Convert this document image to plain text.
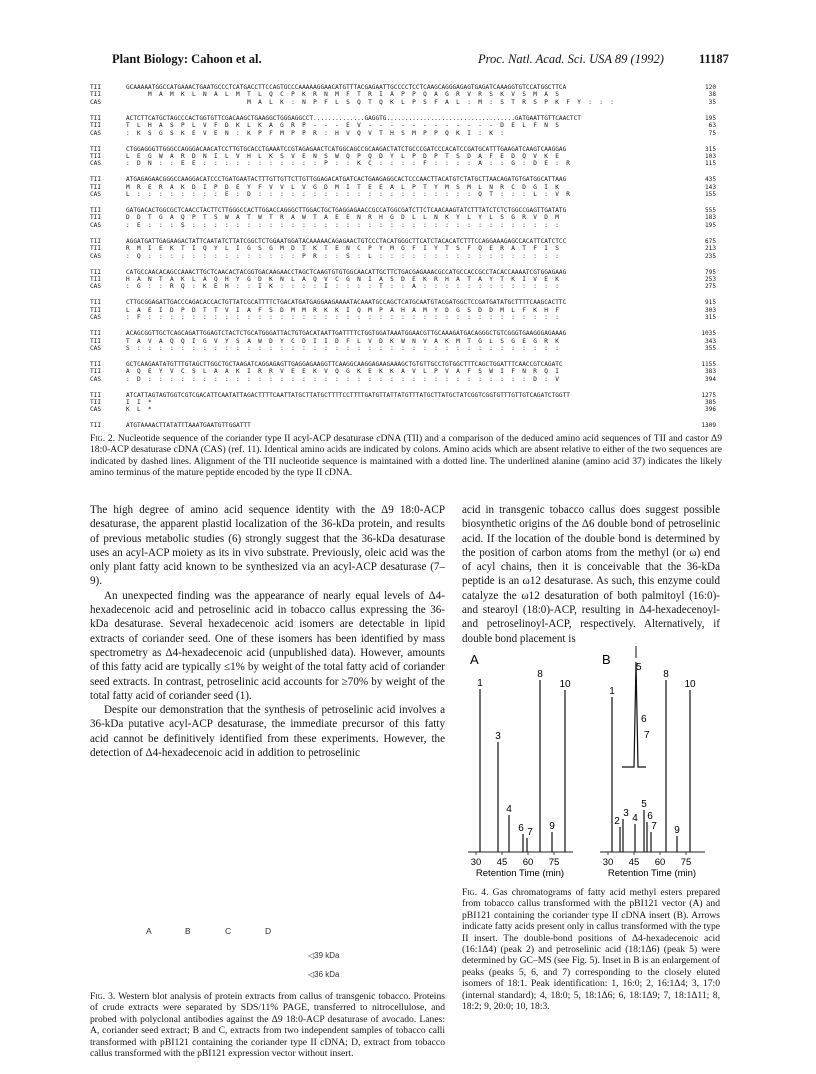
Plant Biology: Cahoon et al.	Proc. Natl. Acad. Sci. USA 89 (1992)	11187
TII	GCAAAAATGGCCATGAAACTGAATGCCCTCATGACCTTCCAGTGCCCAAAAAGGAACATGTTTACGAGAATTGCCCCTCCTCAAGCAGGGAGAGTGAGATCAAAGGTGTCCATGGCTTCA	120
TII	M  A  M  K  L  N  A  L  M  T  L  Q  C  P  K  R  N  M  F  T  R  I  A  P  P  Q  A  G  R  V  R  S  K  V  S  M  A  S	38
CAS	M  A  L  K  :  N  P  F  L  S  Q  T  Q  K  L  P  S  F  A  L  :  M  :  S  T  R  S  P  K  F  Y  :  :  :	35
TII	ACTCTTCATGCTAGCCCACTGGTGTTCGACAAGCTGAAGGCTGGGAGGCCT..............GAGGTG...................................GATGAATTGTTCAACTCT	195
TII	T  L  H  A  S  P  L  V  F  D  K  L  K  A  G  R  P  -  -  -  E  V  -  -  -  -  -  -  -  -  -  -  -  -  D  E  L  F  N  S	63
CAS	:  K  S  G  S  K  E  V  E  N  :  K  P  F  M  P  P  R  :  H  V  Q  V  T  H  S  M  P  P  Q  K  I  :  K  :	75
TII	CTGGAGGGTTGGGCCAGGGACAACATCCTTGTGCACCTGAAATCCGTAGAGAACTCATGGCAGCCGCAAGACTATCTGCCCGATCCCACATCCGATGCATTTGAAGATCAAGTCAAGGAG	315
TII	L  E  G  W  A  R  D  N  I  L  V  H  L  K  S  V  E  N  S  W  Q  P  Q  D  Y  L  P  D  P  T  S  D  A  F  E  D  Q  V  K  E	103
CAS	:  D  N  :  :  E  E  :  :  :  :  :  :  :  :  :  :  :  P  :  :  K  C  :  :  :  :  F  :  :  :  :  A  :  :  G  :  D  E  :  R	115
TII	ATGAGAGAACGGGCCAAGGACATCCCTGATGAATACTTTGTTGTTCTTGTTGGAGACATGATCACTGAAGAGGCACTCCCAACTTACATGTCTATGCTTAACAGATGTGATGGCATTAAG	435
TII	M  R  E  R  A  K  D  I  P  D  E  Y  F  V  V  L  V  G  D  M  I  T  E  E  A  L  P  T  Y  M  S  M  L  N  R  C  D  G  I  K	143
CAS	L  :  :  :  :  :  :  :  :  E  :  D  :  :  :  :  :  :  :  :  :  :  :  :  :  :  :  :  :  :  :  :  Q  T  :  :  :  L  :  V  R	155
TII	GATGACACTGGCGCTCAACCTACTTCTTGGGCCACTTGGACCAGGGCTTGGACTGCTGAGGAGAACCGCCATGGCGATCTTCTCAACAAGTATCTTTATCTCTCTGGCCGAGTTGATATG	555
TII	D  D  T  G  A  Q  P  T  S  W  A  T  W  T  R  A  W  T  A  E  E  N  R  H  G  D  L  L  N  K  Y  L  Y  L  S  G  R  V  D  M	183
CAS	:  E  :  :  :  S  :  :  :  :  :  :  :  :  :  :  :  :  :  :  :  :  :  :  :  :  :  :  :  :  :  :  :  :  :  :  :  :  :  :	195
TII	AGGATGATTGAGAAGACTATTCAATATCTTATCGGCTCTGGAATGGATACAAAAACAGAGAACTGTCCCTACATGGGCTTCATCTACACATCTTTCCAGGAAAGAGCCACATTCATCTCC	675
TII	R  M  I  E  K  T  I  Q  Y  L  I  G  S  G  M  D  T  K  T  E  N  C  P  Y  M  G  F  I  Y  T  S  F  Q  E  R  A  T  F  I  S	213
CAS	:  Q  :  :  :  :  :  :  :  :  :  :  :  :  :  :  P  R  :  :  S  :  L  :  :  :  :  :  :  :  :  :  :  :  :  :  :  :  :  :	235
TII	CATGCCAACACAGCCAAACTTGCTCAACACTACGGTGACAAGAACCTAGCTCAAGTGTGTGGCAACATTGCTTCTGACGAGAAACGCCATGCCACCGCCTACACCAAAATCGTGGAGAAG	795
TII	H  A  N  T  A  K  L  A  Q  H  Y  G  D  K  N  L  A  Q  V  C  G  N  I  A  S  D  E  K  R  H  A  T  A  Y  T  K  I  V  E  K	253
CAS	:  G  :  :  R  Q  :  K  E  H  :  :  I  K  :  :  :  :  I  :  :  :  :  T  :  :  A  :  :  :  :  :  :  :  :  :  :  :  :  :	275
TII	CTTGCGGAGATTGACCCAGACACCACTGTTATCGCATTTTCTGACATGATGAGGAAGAAAATACAAATGCCAGCTCATGCAATGTACGATGGCTCCGATGATATGCTTTTCAAGCACTTC	915
TII	L  A  E  I  D  P  D  T  T  V  I  A  F  S  D  M  M  R  K  K  I  Q  M  P  A  H  A  M  Y  D  G  S  D  D  M  L  F  K  H  F	303
CAS	:  F  :  :  :  :  :  :  :  :  :  :  :  :  :  :  :  :  :  :  :  :  :  :  :  :  :  :  :  :  :  :  :  :  :  :  :  :  :  :	315
TII	ACAGCGGTTGCTCAGCAGATTGGAGTCTACTCTGCATGGGATTACTGTGACATAATTGATTTTCTGGTGGATAAATGGAACGTTGCAAAGATGACAGGGCTGTCGGGTGAAGGGAGAAAG	1035
TII	T  A  V  A  Q  Q  I  G  V  Y  S  A  W  D  Y  C  D  I  I  D  F  L  V  D  K  W  N  V  A  K  M  T  G  L  S  G  E  G  R  K	343
CAS	S  :  :  :  :  :  :  :  :  :  :  :  :  :  :  :  :  :  :  :  :  :  :  :  :  :  :  :  :  :  :  :  :  :  :  :  :  :  :  :	355
TII	GCTCAAGAATATGTTTGTAGCTTGGCTGCTAAGATCAGGAGAGTTGAGGAGAAGGTTCAAGGCAAGGAGAAGAAAGCTGTGTTGCCTGTGGCTTTCAGCTGGATTTCAACCGTCAGATC	1155
TII	A  Q  E  Y  V  C  S  L  A  A  K  I  R  R  V  E  E  K  V  Q  G  K  E  K  K  A  V  L  P  V  A  F  S  W  I  F  N  R  Q  I	383
CAS	:  D  :  :  :  :  :  :  :  :  :  :  :  :  :  :  :  :  :  :  :  :  :  :  :  :  :  :  :  :  :  :  :  :  :  :  :  D  :  V	394
TII	ATCATTAGTAGTGGTCGTCGACATTCAATATTAGACTTTTCAATTATGCTTATGCTTTTCCTTTTGATGTTATTATGTTTATGCTTATGCTATCGGTCGGTGTTTGTTGTCAGATCTGGTT	1275
TII	I  I  *	385
CAS	K  L  *	396
TII	ATGTAAAACTTATATTTAAATGAATGTTGGATTT	1309

Fig. 2. Nucleotide sequence of the coriander type II acyl-ACP desaturase cDNA (TII) and a comparison of the deduced amino acid sequences of TII and castor Δ9 18:0-ACP desaturase cDNA (CAS) (ref. 11). Identical amino acids are indicated by colons. Amino acids which are absent relative to either of the two sequences are indicated by dashed lines. Alignment of the TII nucleotide sequence is maintained with a dotted line. The underlined alanine (amino acid 37) indicates the likely amino terminus of the mature peptide encoded by the type II cDNA.

The high degree of amino acid sequence identity with the Δ9 18:0-ACP desaturase, the apparent plastid localization of the 36-kDa protein, and results of previous metabolic studies (6) strongly suggest that the 36-kDa desaturase uses an acyl-ACP moiety as its in vivo substrate. Previously, oleic acid was the only plant fatty acid known to be synthesized via an acyl-ACP desaturase (7–9).

An unexpected finding was the appearance of nearly equal levels of Δ4-hexadecenoic acid and petroselinic acid in tobacco callus expressing the 36-kDa desaturase. Several hexadecenoic acid isomers are detectable in lipid extracts of coriander seed. One of these isomers has been identified by mass spectrometry as Δ4-hexadecenoic acid (unpublished data). However, amounts of this fatty acid are typically ≤1% by weight of the total fatty acid of coriander seed extracts. In contrast, petroselinic acid accounts for ≥70% by weight of the total fatty acid of coriander seed (1).

Despite our demonstration that the synthesis of petroselinic acid involves a 36-kDa putative acyl-ACP desaturase, the immediate precursor of this fatty acid cannot be definitively identified from these experiments. However, the detection of Δ4-hexadecenoic acid in addition to petroselinic

acid in transgenic tobacco callus does suggest possible biosynthetic origins of the Δ6 double bond of petroselinic acid. If the location of the double bond is determined by the position of carbon atoms from the methyl (or ω) end of acyl chains, then it is conceivable that the 36-kDa peptide is an ω12 desaturase. As such, this enzyme could catalyze the ω12 desaturation of both palmitoyl (16:0)- and stearoyl (18:0)-ACP, resulting in Δ4-hexadecenoyl- and petroselinoyl-ACP, respectively. Alternatively, if double bond placement is

A	B	C	D
◁39 kDa
◁36 kDa

Fig. 3. Western blot analysis of protein extracts from callus of transgenic tobacco. Proteins of crude extracts were separated by SDS/11% PAGE, transferred to nitrocellulose, and probed with polyclonal antibodies against the Δ9 18:0-ACP desaturase of avocado. Lanes: A, coriander seed extract; B and C, extracts from two independent samples of tobacco calli transformed with pBI121 containing the coriander type II cDNA; D, extract from tobacco callus transformed with the pBI121 expression vector without insert.

A
30 45 60 75
Retention Time (min)
1
3
4
6 7
8
9
10
B
30 45 60 75
Retention Time (min)
1
2
3 4
5
6
7
8
9
10
5
6
7

Fig. 4. Gas chromatograms of fatty acid methyl esters prepared from tobacco callus transformed with the pBI121 vector (A) and pBI121 containing the coriander type II cDNA insert (B). Arrows indicate fatty acids present only in callus transformed with the type II insert. The double-bond positions of Δ4-hexadecenoic acid (16:1Δ4) (peak 2) and petroselinic acid (18:1Δ6) (peak 5) were determined by GC–MS (see Fig. 5). Inset in B is an enlargement of peaks (peaks 5, 6, and 7) corresponding to the closely eluted isomers of 18:1. Peak identification: 1, 16:0; 2, 16:1Δ4; 3, 17:0 (internal standard); 4, 18:0; 5, 18:1Δ6; 6, 18:1Δ9; 7, 18:1Δ11; 8, 18:2; 9, 20:0; 10, 18:3.
